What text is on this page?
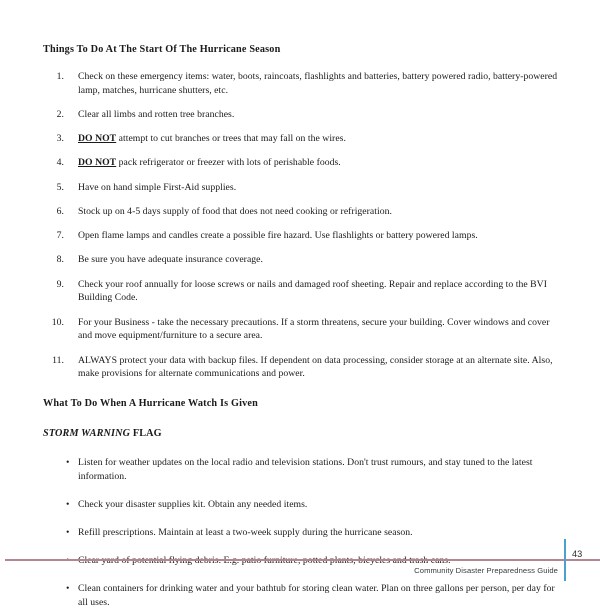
Things To Do At The Start Of The Hurricane Season
1. Check on these emergency items: water, boots, raincoats, flashlights and batteries, battery powered radio, battery-powered lamp, matches, hurricane shutters, etc.
2. Clear all limbs and rotten tree branches.
3. DO NOT attempt to cut branches or trees that may fall on the wires.
4. DO NOT pack refrigerator or freezer with lots of perishable foods.
5. Have on hand simple First-Aid supplies.
6. Stock up on 4-5 days supply of food that does not need cooking or refrigeration.
7. Open flame lamps and candles create a possible fire hazard. Use flashlights or battery powered lamps.
8. Be sure you have adequate insurance coverage.
9. Check your roof annually for loose screws or nails and damaged roof sheeting. Repair and replace according to the BVI Building Code.
10. For your Business - take the necessary precautions. If a storm threatens, secure your building. Cover windows and cover and move equipment/furniture to a secure area.
11. ALWAYS protect your data with backup files. If dependent on data processing, consider storage at an alternate site. Also, make provisions for alternate communications and power.
What To Do When A Hurricane Watch Is Given
STORM WARNING FLAG
• Listen for weather updates on the local radio and television stations. Don't trust rumours, and stay tuned to the latest information.
• Check your disaster supplies kit. Obtain any needed items.
• Refill prescriptions. Maintain at least a two-week supply during the hurricane season.
• Clean containers for drinking water and your bathtub for storing clean water. Plan on three gallons per person, per day for all uses.
Community Disaster Preparedness Guide
43
